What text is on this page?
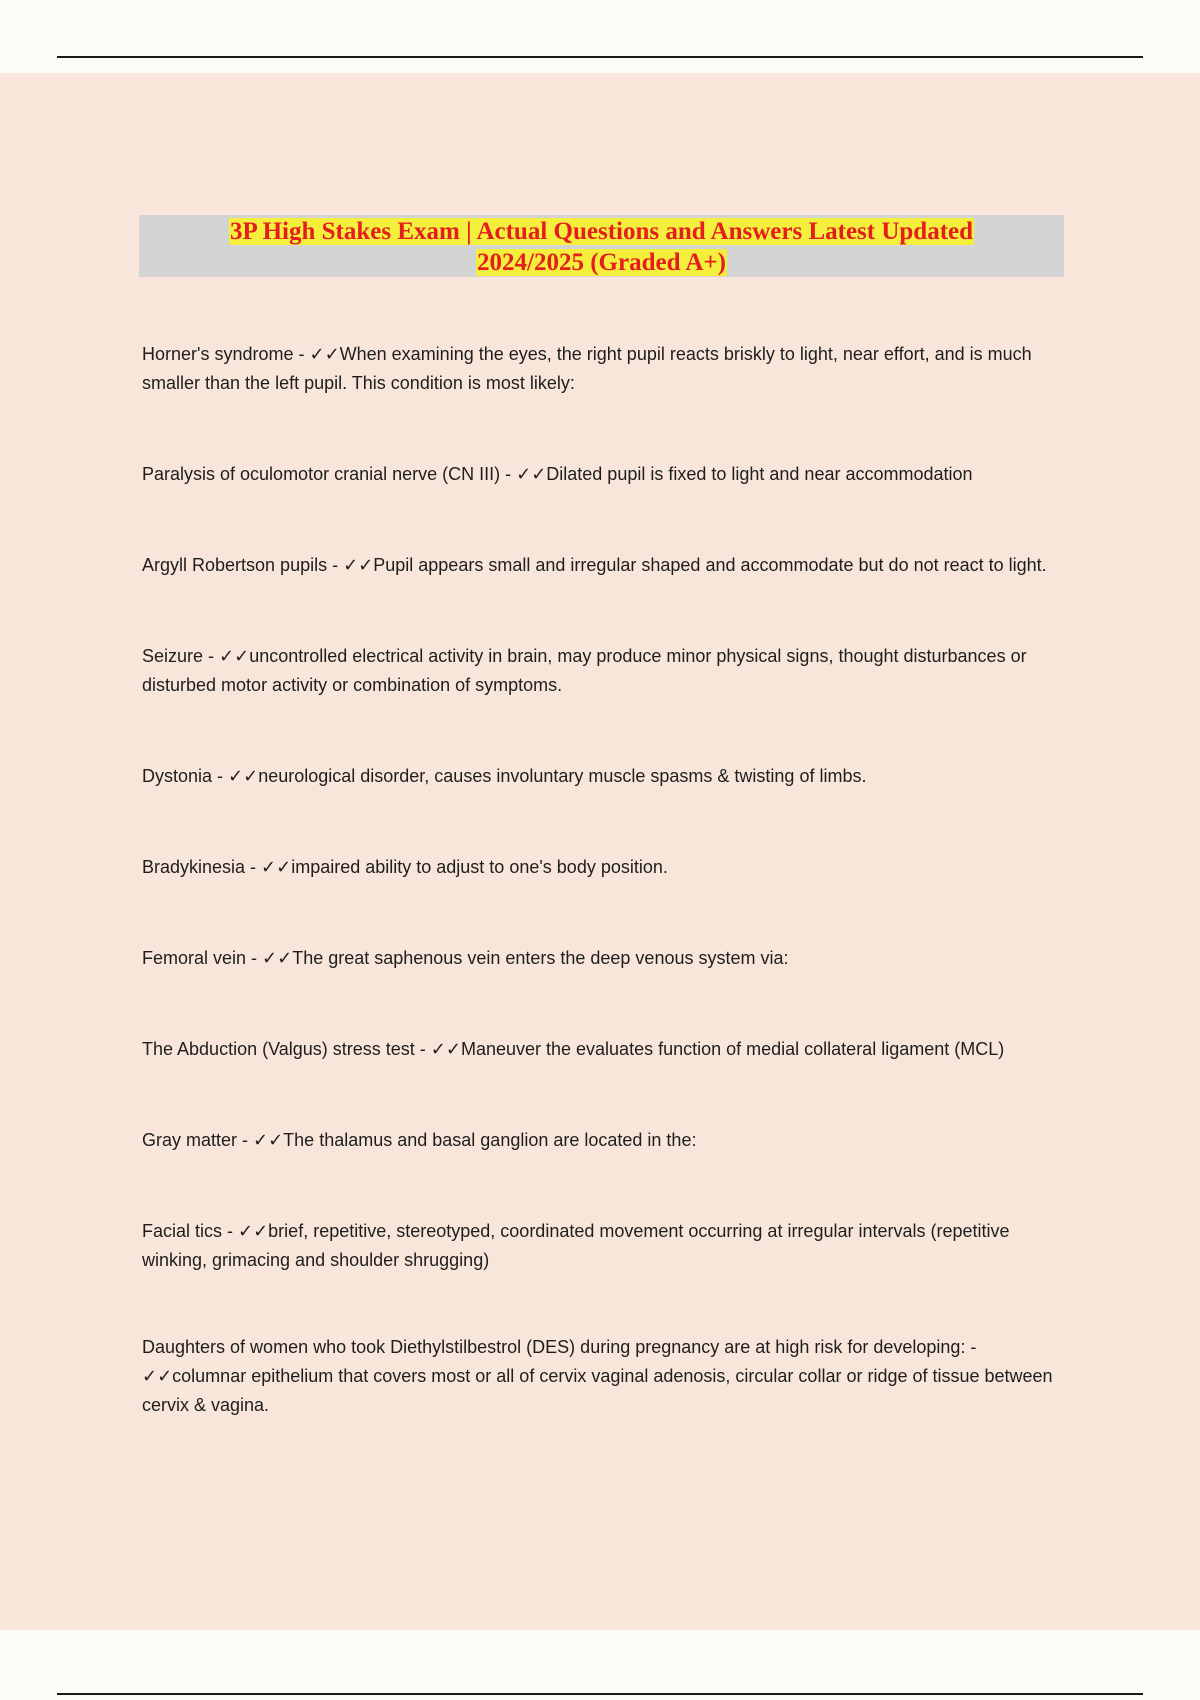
3P High Stakes Exam | Actual Questions and Answers Latest Updated
2024/2025 (Graded A+)

Horner's syndrome - ✓✓When examining the eyes, the right pupil reacts briskly to light, near effort, and is much smaller than the left pupil. This condition is most likely:

Paralysis of oculomotor cranial nerve (CN III) - ✓✓Dilated pupil is fixed to light and near accommodation

Argyll Robertson pupils - ✓✓Pupil appears small and irregular shaped and accommodate but do not react to light.

Seizure - ✓✓uncontrolled electrical activity in brain, may produce minor physical signs, thought disturbances or disturbed motor activity or combination of symptoms.

Dystonia - ✓✓neurological disorder, causes involuntary muscle spasms & twisting of limbs.

Bradykinesia - ✓✓impaired ability to adjust to one's body position.

Femoral vein - ✓✓The great saphenous vein enters the deep venous system via:

The Abduction (Valgus) stress test - ✓✓Maneuver the evaluates function of medial collateral ligament (MCL)

Gray matter - ✓✓The thalamus and basal ganglion are located in the:

Facial tics - ✓✓brief, repetitive, stereotyped, coordinated movement occurring at irregular intervals (repetitive winking, grimacing and shoulder shrugging)

Daughters of women who took Diethylstilbestrol (DES) during pregnancy are at high risk for developing: - ✓✓columnar epithelium that covers most or all of cervix vaginal adenosis, circular collar or ridge of tissue between cervix & vagina.
